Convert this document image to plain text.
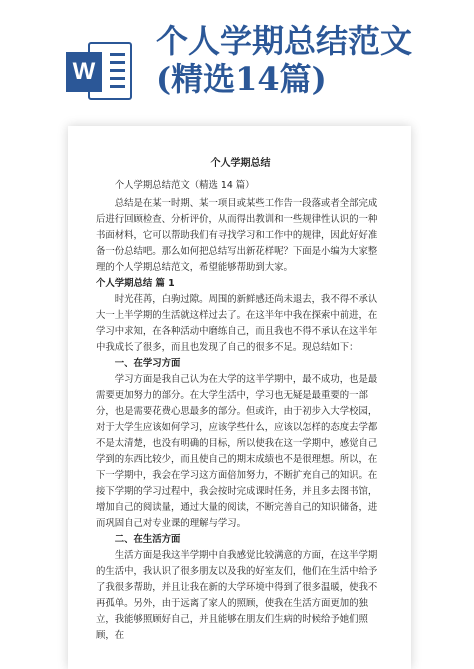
W
个人学期总结范文
(精选14篇)

个人学期总结

个人学期总结范文（精选 14 篇）

总结是在某一时期、某一项目或某些工作告一段落或者全部完成后进行回顾检查、分析评价，从而得出教训和一些规律性认识的一种书面材料，它可以帮助我们有寻找学习和工作中的规律，因此好好准备一份总结吧。那么如何把总结写出新花样呢？下面是小编为大家整理的个人学期总结范文，希望能够帮助到大家。

个人学期总结 篇 1

时光荏苒，白驹过隙。周围的新鲜感还尚未退去，我不得不承认大一上半学期的生活就这样过去了。在这半年中我在探索中前进，在学习中求知，在各种活动中磨练自己，而且我也不得不承认在这半年中我成长了很多，而且也发现了自己的很多不足。现总结如下：

一、在学习方面

学习方面是我自己认为在大学的这半学期中，最不成功，也是最需要更加努力的部分。在大学生活中，学习也无疑是最重要的一部分，也是需要花费心思最多的部分。但或许，由于初步入大学校园，对于大学生应该如何学习，应该学些什么，应该以怎样的态度去学都不是太清楚，也没有明确的目标，所以使我在这一学期中，感觉自己学到的东西比较少，而且使自己的期末成绩也不是很理想。所以，在下一学期中，我会在学习这方面倍加努力，不断扩充自己的知识。在接下学期的学习过程中，我会按时完成课时任务，并且多去图书馆，增加自己的阅读量，通过大量的阅读，不断完善自己的知识储备，进而巩固自己对专业课的理解与学习。

二、在生活方面

生活方面是我这半学期中自我感觉比较满意的方面，在这半学期的生活中，我认识了很多朋友以及我的好室友们，他们在生活中给予了我很多帮助，并且让我在新的大学环境中得到了很多温暖，使我不再孤单。另外，由于远离了家人的照顾，使我在生活方面更加的独立，我能够照顾好自己，并且能够在朋友们生病的时候给予她们照顾，在
